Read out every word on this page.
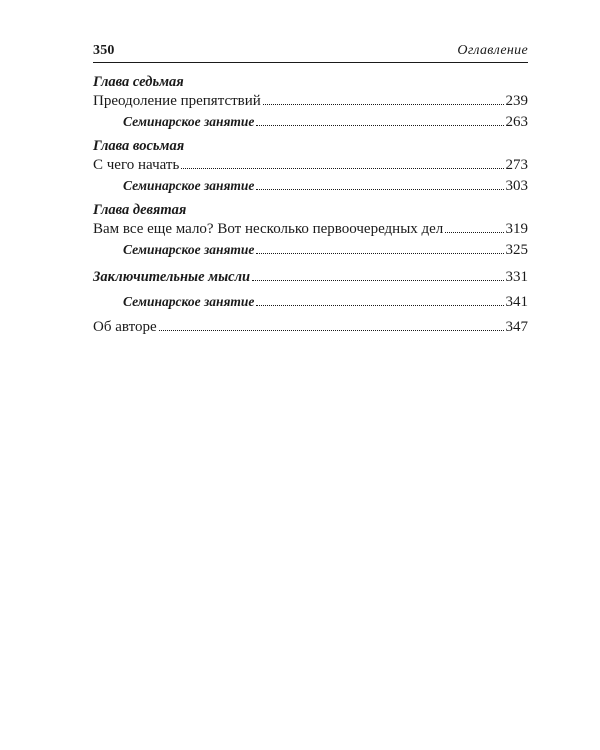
350	Оглавление
Глава седьмая
Преодоление препятствий	239
Семинарское занятие	263
Глава восьмая
С чего начать	273
Семинарское занятие	303
Глава девятая
Вам все еще мало? Вот несколько первоочередных дел	319
Семинарское занятие	325
Заключительные мысли	331
Семинарское занятие	341
Об авторе	347
